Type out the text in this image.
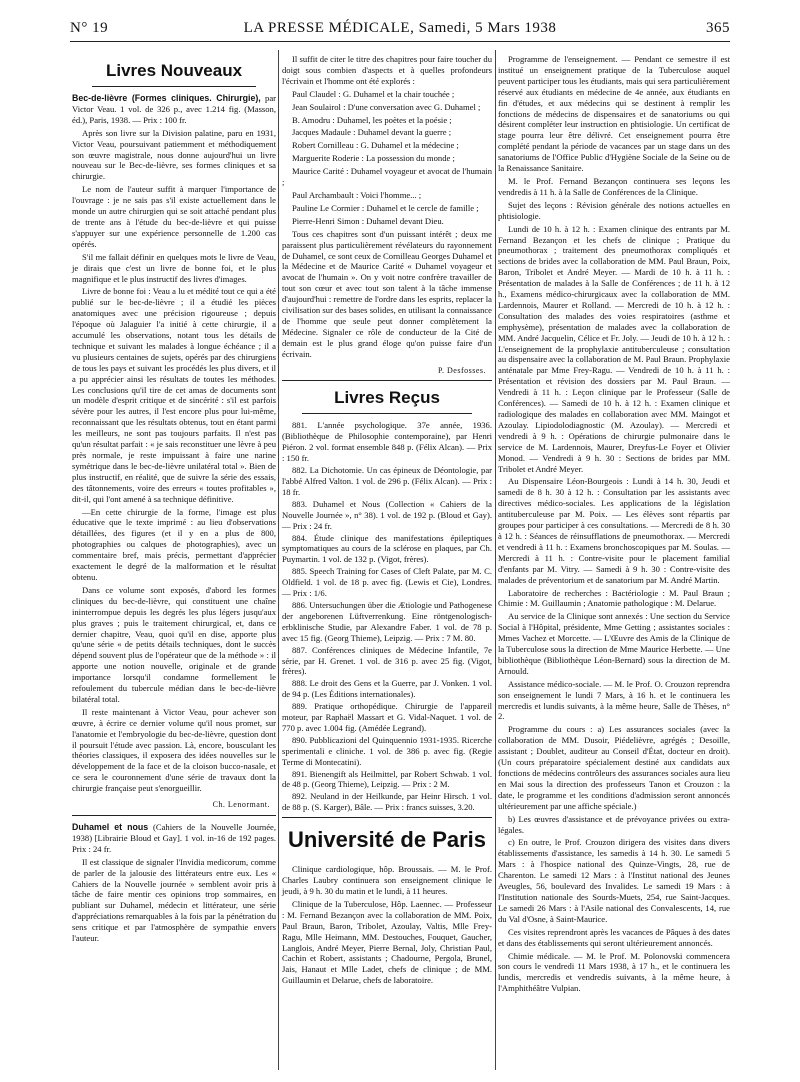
N° 19	LA PRESSE MÉDICALE, Samedi, 5 Mars 1938	365
Livres Nouveaux

Bec-de-lièvre (Formes cliniques. Chirurgie), par Victor Veau. 1 vol. de 326 p., avec 1.214 fig. (Masson, éd.), Paris, 1938. — Prix : 100 fr.

Après son livre sur la Division palatine, paru en 1931, Victor Veau, poursuivant patiemment et méthodiquement son œuvre magistrale, nous donne aujourd'hui un livre nouveau sur le Bec-de-lièvre, ses formes cliniques et sa chirurgie.

Le nom de l'auteur suffit à marquer l'importance de l'ouvrage : je ne sais pas s'il existe actuellement dans le monde un autre chirurgien qui se soit attaché pendant plus de trente ans à l'étude du bec-de-lièvre et qui puisse s'appuyer sur une expérience personnelle de 1.200 cas opérés.

S'il me fallait définir en quelques mots le livre de Veau, je dirais que c'est un livre de bonne foi, et le plus magnifique et le plus instructif des livres d'images.

Livre de bonne foi : Veau a lu et médité tout ce qui a été publié sur le bec-de-lièvre ; il a étudié les pièces anatomiques avec une précision rigoureuse ; depuis l'époque où Jalaguier l'a initié à cette chirurgie, il a accumulé les observations, notant tous les détails de technique et suivant les malades à longue échéance ; il a vu plusieurs centaines de sujets, opérés par des chirurgiens de tous les pays et suivant les procédés les plus divers, et il a pu apprécier ainsi les résultats de toutes les méthodes. Les conclusions qu'il tire de cet amas de documents sont un modèle d'esprit critique et de sincérité : s'il est parfois sévère pour les autres, il l'est encore plus pour lui-même, reconnaissant que les résultats obtenus, tout en étant parmi les meilleurs, ne sont pas toujours parfaits. Il n'est pas qu'un résultat parfait : « je sais reconstituer une lèvre à peu près normale, je reste impuissant à faire une narine symétrique dans le bec-de-lièvre unilatéral total ». Bien de plus instructif, en réalité, que de suivre la série des essais, des tâtonnements, voire des erreurs « toutes profitables », dit-il, qui l'ont amené à sa technique définitive.

—En cette chirurgie de la forme, l'image est plus éducative que le texte imprimé : au lieu d'observations détaillées, des figures (et il y en a plus de 800, photographies ou calques de photographies), avec un commentaire bref, mais précis, permettant d'apprécier exactement le degré de la malformation et le résultat obtenu.

Dans ce volume sont exposés, d'abord les formes cliniques du bec-de-lièvre, qui constituent une chaîne ininterrompue depuis les degrés les plus légers jusqu'aux plus graves ; puis le traitement chirurgical, et, dans ce dernier chapitre, Veau, quoi qu'il en dise, apporte plus qu'une série « de petits détails techniques, dont le succès dépend souvent plus de l'opérateur que de la méthode » : il apporte une notion nouvelle, originale et de grande importance lorsqu'il condamne formellement le refoulement du tubercule médian dans le bec-de-lièvre bilatéral total.

Il reste maintenant à Victor Veau, pour achever son œuvre, à écrire ce dernier volume qu'il nous promet, sur l'anatomie et l'embryologie du bec-de-lièvre, question dont il poursuit l'étude avec passion. Là, encore, bousculant les théories classiques, il exposera des idées nouvelles sur le développement de la face et de la cloison bucco-nasale, et ce sera le couronnement d'une série de travaux dont la chirurgie française peut s'enorgueillir.

Ch. Lenormant.

Duhamel et nous (Cahiers de la Nouvelle Journée, 1938) [Librairie Bloud et Gay]. 1 vol. in-16 de 192 pages. Prix : 24 fr.

Il est classique de signaler l'Invidia medicorum, comme de parler de la jalousie des littérateurs entre eux. Les « Cahiers de la Nouvelle journée » semblent avoir pris à tâche de faire mentir ces opinions trop sommaires, en publiant sur Duhamel, médecin et littérateur, une série d'appréciations remarquables à la fois par la pénétration du sens critique et par l'atmosphère de sympathie envers l'auteur.

Il suffit de citer le titre des chapitres pour faire toucher du doigt sous combien d'aspects et à quelles profondeurs l'écrivain et l'homme ont été explorés :

Paul Claudel : G. Duhamel et la chair touchée ;

Jean Soulairol : D'une conversation avec G. Duhamel ;

B. Amodru : Duhamel, les poètes et la poésie ;

Jacques Madaule : Duhamel devant la guerre ;

Robert Cornilleau : G. Duhamel et la médecine ;

Marguerite Roderie : La possession du monde ;

Maurice Carité : Duhamel voyageur et avocat de l'humain ;

Paul Archambault : Voici l'homme... ;

Pauline Le Cormier : Duhamel et le cercle de famille ;

Pierre-Henri Simon : Duhamel devant Dieu.

Tous ces chapitres sont d'un puissant intérêt ; deux me paraissent plus particulièrement révélateurs du rayonnement de Duhamel, ce sont ceux de Cornilleau Georges Duhamel et la Médecine et de Maurice Carité « Duhamel voyageur et avocat de l'humain ». On y voit notre confrère travailler de tout son cœur et avec tout son talent à la tâche immense d'aujourd'hui : remettre de l'ordre dans les esprits, replacer la civilisation sur des bases solides, en utilisant la connaissance de l'homme que seule peut donner complètement la Médecine. Signaler ce rôle de conducteur de la Cité de demain est le plus grand éloge qu'on puisse faire d'un écrivain.

P. Desfosses.

Livres Reçus

881. L'année psychologique. 37e année, 1936. (Bibliothèque de Philosophie contemporaine), par Henri Piéron. 2 vol. format ensemble 848 p. (Félix Alcan). — Prix : 150 fr.

882. La Dichotomie. Un cas épineux de Déontologie, par l'abbé Alfred Valton. 1 vol. de 296 p. (Félix Alcan). — Prix : 18 fr.

883. Duhamel et Nous (Collection « Cahiers de la Nouvelle Journée », n° 38). 1 vol. de 192 p. (Bloud et Gay). — Prix : 24 fr.

884. Étude clinique des manifestations épileptiques symptomatiques au cours de la sclérose en plaques, par Ch. Puymartin. 1 vol. de 132 p. (Vigot, frères).

885. Speech Training for Cases of Cleft Palate, par M. C. Oldfield. 1 vol. de 18 p. avec fig. (Lewis et Cie), Londres. — Prix : 1/6.

886. Untersuchungen über die Ætiologie und Pathogenese der angeborenen Lüftverrenkung. Eine röntgenologisch-erbklinische Studie, par Alexandre Faber. 1 vol. de 78 p. avec 15 fig. (Georg Thieme), Leipzig. — Prix : 7 M. 80.

887. Conférences cliniques de Médecine Infantile, 7e série, par H. Grenet. 1 vol. de 316 p. avec 25 fig. (Vigot, frères).

888. Le droit des Gens et la Guerre, par J. Vonken. 1 vol. de 94 p. (Les Éditions internationales).

889. Pratique orthopédique. Chirurgie de l'appareil moteur, par Raphaël Massart et G. Vidal-Naquet. 1 vol. de 770 p. avec 1.004 fig. (Amédée Legrand).

890. Pubblicazioni del Quinquennio 1931-1935. Ricerche sperimentali e cliniche. 1 vol. de 386 p. avec fig. (Regie Terme di Montecatini).

891. Bienengift als Heilmittel, par Robert Schwab. 1 vol. de 48 p. (Georg Thieme), Leipzig. — Prix : 2 M.

892. Neuland in der Heilkunde, par Heinr Hirsch. 1 vol. de 88 p. (S. Karger), Bâle. — Prix : francs suisses, 3.20.

Université de Paris

Clinique cardiologique, hôp. Broussais. — M. le Prof. Charles Laubry continuera son enseignement clinique le jeudi, à 9 h. 30 du matin et le lundi, à 11 heures.

Clinique de la Tuberculose, Hôp. Laennec. — Professeur : M. Fernand Bezançon avec la collaboration de MM. Poix, Paul Braun, Baron, Tribolet, Azoulay, Valtis, Mlle Frey-Ragu, Mlle Heimann, MM. Destouches, Fouquet, Gaucher, Langlois, André Meyer, Pierre Bernal, Joly, Christian Paul, Cachin et Robert, assistants ; Chadourne, Pergola, Brunel, Jais, Hanaut et Mlle Ladet, chefs de clinique ; de MM. Guillaumin et Delarue, chefs de laboratoire.

Programme de l'enseignement. — Pendant ce semestre il est institué un enseignement pratique de la Tuberculose auquel peuvent participer tous les étudiants, mais qui sera particulièrement réservé aux étudiants en médecine de 4e année, aux étudiants en fin d'études, et aux médecins qui se destinent à remplir les fonctions de médecins de dispensaires et de sanatoriums ou qui désirent compléter leur instruction en phtisiologie. Un certificat de stage pourra leur être délivré. Cet enseignement pourra être complété pendant la période de vacances par un stage dans un des sanatoriums de l'Office Public d'Hygiène Sociale de la Seine ou de la Renaissance Sanitaire.

M. le Prof. Fernand Bezançon continuera ses leçons les vendredis à 11 h. à la Salle de Conférences de la Clinique.

Sujet des leçons : Révision générale des notions actuelles en phtisiologie.

Lundi de 10 h. à 12 h. : Examen clinique des entrants par M. Fernand Bezançon et les chefs de clinique ; Pratique du pneumothorax ; traitement des pneumothorax compliqués et sections de brides avec la collaboration de MM. Paul Braun, Poix, Baron, Tribolet et André Meyer. — Mardi de 10 h. à 11 h. : Présentation de malades à la Salle de Conférences ; de 11 h. à 12 h., Examens médico-chirurgicaux avec la collaboration de MM. Lardennois, Maurer et Rolland. — Mercredi de 10 h. à 12 h. : Consultation des malades des voies respiratoires (asthme et emphysème), présentation de malades avec la collaboration de MM. André Jacquelin, Célice et Fr. Joly. — Jeudi de 10 h. à 12 h. : L'enseignement de la prophylaxie antituberculeuse ; consultation au dispensaire avec la collaboration de M. Paul Braun. Prophylaxie anténatale par Mme Frey-Ragu. — Vendredi de 10 h. à 11 h. : Présentation et révision des dossiers par M. Paul Braun. — Vendredi à 11 h. : Leçon clinique par le Professeur (Salle de Conférences). — Samedi de 10 h. à 12 h. : Examen clinique et radiologique des malades en collaboration avec MM. Maingot et Azoulay. Lipiodolodiagnostic (M. Azoulay). — Mercredi et vendredi à 9 h. : Opérations de chirurgie pulmonaire dans le service de M. Lardennois, Maurer, Dreyfus-Le Foyer et Olivier Monod. — Vendredi à 9 h. 30 : Sections de brides par MM. Tribolet et André Meyer.

Au Dispensaire Léon-Bourgeois : Lundi à 14 h. 30, Jeudi et samedi de 8 h. 30 à 12 h. : Consultation par les assistants avec directives médico-sociales. Les applications de la législation antituberculeuse par M. Poix. — Les élèves sont répartis par groupes pour participer à ces consultations. — Mercredi de 8 h. 30 à 12 h. : Séances de réinsufflations de pneumothorax. — Mercredi et vendredi à 11 h. : Examens bronchoscopiques par M. Soulas. — Mercredi à 11 h. : Contre-visite pour le placement familial d'enfants par M. Vitry. — Samedi à 9 h. 30 : Contre-visite des malades de préventorium et de sanatorium par M. André Martin.

Laboratoire de recherches : Bactériologie : M. Paul Braun ; Chimie : M. Guillaumin ; Anatomie pathologique : M. Delarue.

Au service de la Clinique sont annexés : Une section du Service Social à l'Hôpital, présidente, Mme Getting ; assistantes sociales : Mmes Vachez et Morcette. — L'Œuvre des Amis de la Clinique de la Tuberculose sous la direction de Mme Maurice Herbette. — Une bibliothèque (Bibliothèque Léon-Bernard) sous la direction de M. Arnould.

Assistance médico-sociale. — M. le Prof. O. Crouzon reprendra son enseignement le lundi 7 Mars, à 16 h. et le continuera les mercredis et lundis suivants, à la même heure, Salle de Thèses, n° 2.

Programme du cours : a) Les assurances sociales (avec la collaboration de MM. Dusoir, Piédelièvre, agrégés ; Desoille, assistant ; Doublet, auditeur au Conseil d'État, docteur en droit). (Un cours préparatoire spécialement destiné aux candidats aux fonctions de médecins contrôleurs des assurances sociales aura lieu en Mai sous la direction des professeurs Tanon et Crouzon : la date, le programme et les conditions d'admission seront annoncés ultérieurement par une affiche spéciale.)

b) Les œuvres d'assistance et de prévoyance privées ou extra-légales.

c) En outre, le Prof. Crouzon dirigera des visites dans divers établissements d'assistance, les samedis à 14 h. 30. Le samedi 5 Mars : à l'hospice national des Quinze-Vingts, 28, rue de Charenton. Le samedi 12 Mars : à l'Institut national des Jeunes Aveugles, 56, boulevard des Invalides. Le samedi 19 Mars : à l'Institution nationale des Sourds-Muets, 254, rue Saint-Jacques. Le samedi 26 Mars : à l'Asile national des Convalescents, 14, rue du Val d'Osne, à Saint-Maurice.

Ces visites reprendront après les vacances de Pâques à des dates et dans des établissements qui seront ultérieurement annoncés.

Chimie médicale. — M. le Prof. M. Polonovski commencera son cours le vendredi 11 Mars 1938, à 17 h., et le continuera les lundis, mercredis et vendredis suivants, à la même heure, à l'Amphithéâtre Vulpian.
